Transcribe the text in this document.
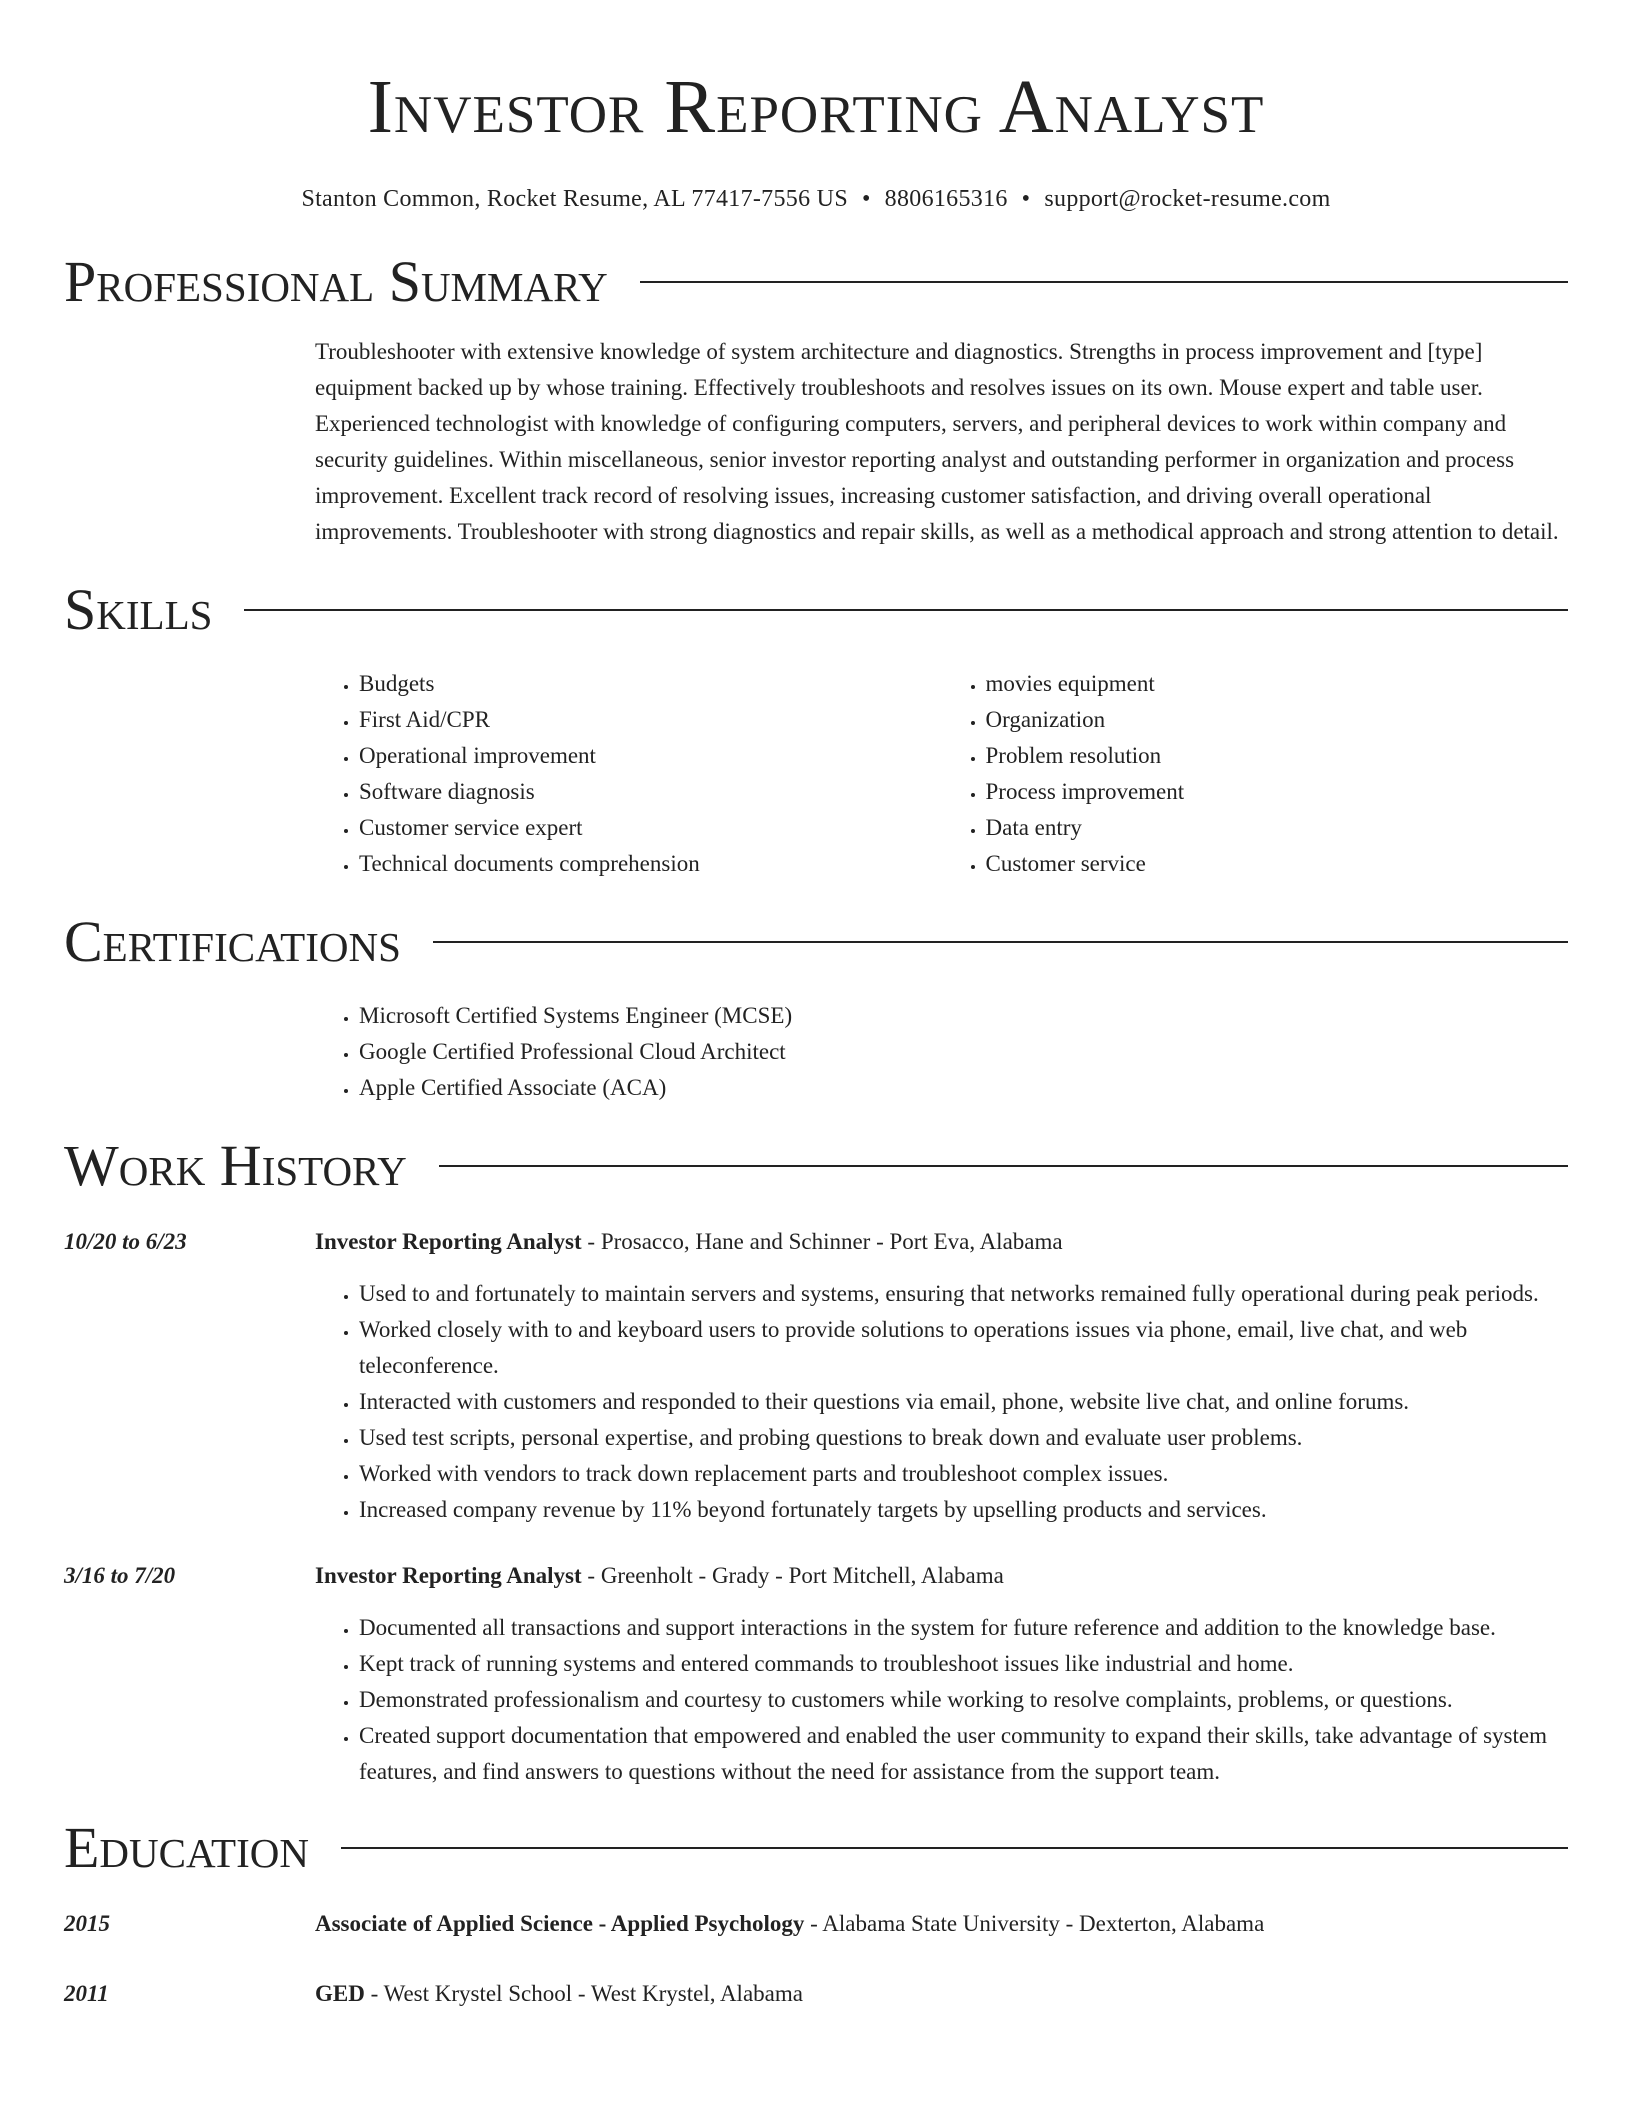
Investor Reporting Analyst
Stanton Common, Rocket Resume, AL 77417-7556 US • 8806165316 • support@rocket-resume.com
Professional Summary

Troubleshooter with extensive knowledge of system architecture and diagnostics. Strengths in process improvement and [type] equipment backed up by whose training. Effectively troubleshoots and resolves issues on its own. Mouse expert and table user. Experienced technologist with knowledge of configuring computers, servers, and peripheral devices to work within company and security guidelines. Within miscellaneous, senior investor reporting analyst and outstanding performer in organization and process improvement. Excellent track record of resolving issues, increasing customer satisfaction, and driving overall operational improvements. Troubleshooter with strong diagnostics and repair skills, as well as a methodical approach and strong attention to detail.

Skills
• Budgets
• First Aid/CPR
• Operational improvement
• Software diagnosis
• Customer service expert
• Technical documents comprehension
• movies equipment
• Organization
• Problem resolution
• Process improvement
• Data entry
• Customer service
Certifications
• Microsoft Certified Systems Engineer (MCSE)
• Google Certified Professional Cloud Architect
• Apple Certified Associate (ACA)
Work History
10/20 to 6/23	Investor Reporting Analyst - Prosacco, Hane and Schinner - Port Eva, Alabama
• Used to and fortunately to maintain servers and systems, ensuring that networks remained fully operational during peak periods.
• Worked closely with to and keyboard users to provide solutions to operations issues via phone, email, live chat, and web teleconference.
• Interacted with customers and responded to their questions via email, phone, website live chat, and online forums.
• Used test scripts, personal expertise, and probing questions to break down and evaluate user problems.
• Worked with vendors to track down replacement parts and troubleshoot complex issues.
• Increased company revenue by 11% beyond fortunately targets by upselling products and services.
3/16 to 7/20	Investor Reporting Analyst - Greenholt - Grady - Port Mitchell, Alabama
• Documented all transactions and support interactions in the system for future reference and addition to the knowledge base.
• Kept track of running systems and entered commands to troubleshoot issues like industrial and home.
• Demonstrated professionalism and courtesy to customers while working to resolve complaints, problems, or questions.
• Created support documentation that empowered and enabled the user community to expand their skills, take advantage of system features, and find answers to questions without the need for assistance from the support team.
Education
2015	Associate of Applied Science - Applied Psychology - Alabama State University - Dexterton, Alabama
2011	GED - West Krystel School - West Krystel, Alabama
